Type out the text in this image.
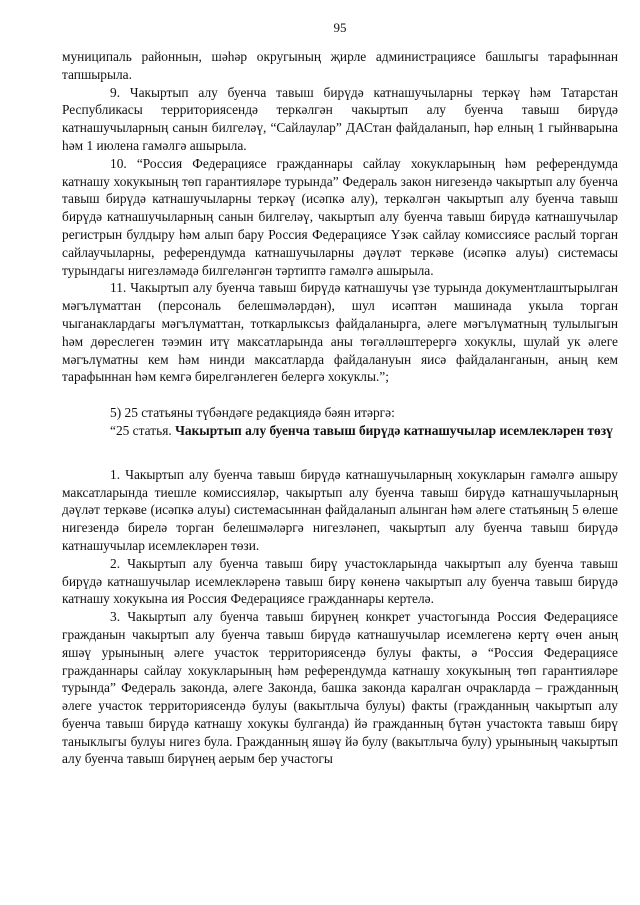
95

муниципаль районнын, шәһәр округының җирле администрациясе башлыгы тарафыннан тапшырыла.

9. Чакыртып алу буенча тавыш бирүдә катнашучыларны теркәү һәм Татарстан Республикасы территориясендә теркәлгән чакыртып алу буенча тавыш бирүдә катнашучыларның санын билгеләү, “Сайлаулар” ДАСтан файдаланып, һәр елның 1 гыйнварына һәм 1 июлена гамәлгә ашырыла.

10. “Россия Федерациясе гражданнары сайлау хокукларының һәм референдумда катнашу хокукының төп гарантияләре турында” Федераль закон нигезендә чакыртып алу буенча тавыш бирүдә катнашучыларны теркәү (исәпкә алу), теркәлгән чакыртып алу буенча тавыш бирүдә катнашучыларның санын билгеләү, чакыртып алу буенча тавыш бирүдә катнашучылар регистрын булдыру һәм алып бару Россия Федерациясе Үзәк сайлау комиссиясе раслый торган сайлаучыларны, референдумда катнашучыларны дәүләт теркәве (исәпкә алуы) системасы турындагы нигезләмәдә билгеләнгән тәртиптә гамәлгә ашырыла.

11. Чакыртып алу буенча тавыш бирүдә катнашучы үзе турында документлаштырылган мәгълүматтан (персональ белешмәләрдән), шул исәптән машинада укыла торган чыганаклардагы мәгълүматтан, тоткарлыксыз файдаланырга, әлеге мәгълүматның тулылыгын һәм дөреслеген тәэмин итү максатларында аны төгәлләштерергә хокуклы, шулай ук әлеге мәгълүматны кем һәм нинди максатларда файдалануын яисә файдаланганын, аның кем тарафыннан һәм кемгә бирелгәнлеген белергә хокуклы.”;

5) 25 статьяны түбәндәге редакциядә бәян итәргә:

“25 статья. Чакыртып алу буенча тавыш бирүдә катнашучылар исемлекләрен төзү

1. Чакыртып алу буенча тавыш бирүдә катнашучыларның хокукларын гамәлгә ашыру максатларында тиешле комиссияләр, чакыртып алу буенча тавыш бирүдә катнашучыларның дәүләт теркәве (исәпкә алуы) системасыннан файдаланып алынган һәм әлеге статьяның 5 өлеше нигезендә бирелә торган белешмәләргә нигезләнеп, чакыртып алу буенча тавыш бирүдә катнашучылар исемлекләрен төзи.

2. Чакыртып алу буенча тавыш бирү участокларында чакыртып алу буенча тавыш бирүдә катнашучылар исемлекләренә тавыш бирү көненә чакыртып алу буенча тавыш бирүдә катнашу хокукына ия Россия Федерациясе гражданнары кертелә.

3. Чакыртып алу буенча тавыш бирүнең конкрет участогында Россия Федерациясе гражданын чакыртып алу буенча тавыш бирүдә катнашучылар исемлегенә кертү өчен аның яшәү урынының әлеге участок территориясендә булуы факты, ә “Россия Федерациясе гражданнары сайлау хокукларының һәм референдумда катнашу хокукының төп гарантияләре турында” Федераль законда, әлеге Законда, башка законда каралган очракларда – гражданның әлеге участок территориясендә булуы (вакытлыча булуы) факты (гражданның чакыртып алу буенча тавыш бирүдә катнашу хокукы булганда) йә гражданның бүтән участокта тавыш бирү таныклыгы булуы нигез була. Гражданның яшәү йә булу (вакытлыча булу) урынының чакыртып алу буенча тавыш бирүнең аерым бер участогы
